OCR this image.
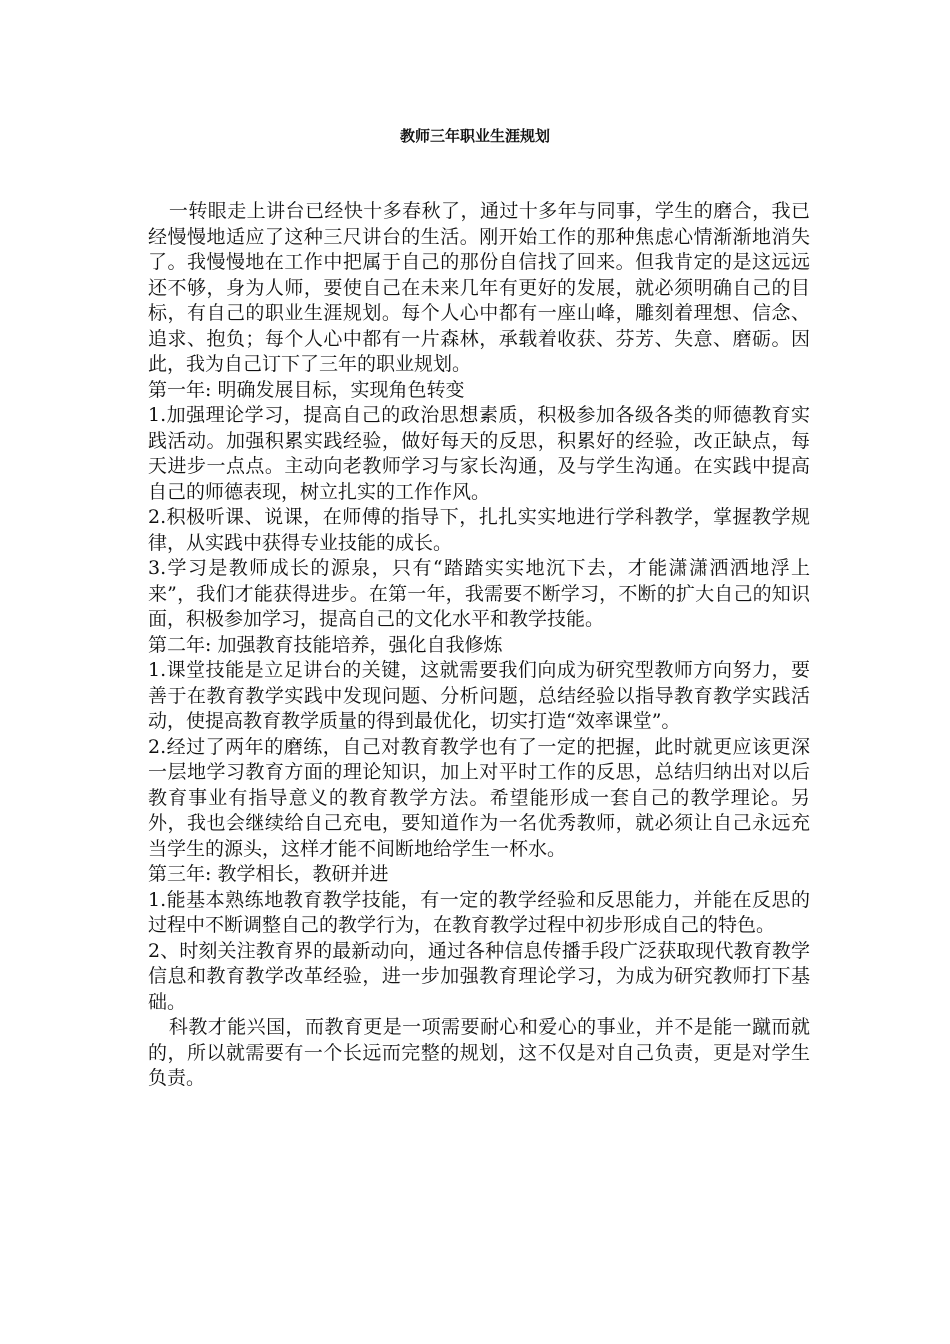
教师三年职业生涯规划

一转眼走上讲台已经快十多春秋了，通过十多年与同事，学生的磨合，我已经慢慢地适应了这种三尺讲台的生活。刚开始工作的那种焦虑心情渐渐地消失了。我慢慢地在工作中把属于自己的那份自信找了回来。但我肯定的是这远远还不够，身为人师，要使自己在未来几年有更好的发展，就必须明确自己的目标，有自己的职业生涯规划。每个人心中都有一座山峰，雕刻着理想、信念、追求、抱负；每个人心中都有一片森林，承载着收获、芬芳、失意、磨砺。因此，我为自己订下了三年的职业规划。

第一年: 明确发展目标，实现角色转变

1.加强理论学习，提高自己的政治思想素质，积极参加各级各类的师德教育实践活动。加强积累实践经验，做好每天的反思，积累好的经验，改正缺点，每天进步一点点。主动向老教师学习与家长沟通，及与学生沟通。在实践中提高自己的师德表现，树立扎实的工作作风。

2.积极听课、说课，在师傅的指导下，扎扎实实地进行学科教学，掌握教学规律，从实践中获得专业技能的成长。

3.学习是教师成长的源泉，只有“踏踏实实地沉下去，才能潇潇洒洒地浮上来”，我们才能获得进步。在第一年，我需要不断学习，不断的扩大自己的知识面，积极参加学习，提高自己的文化水平和教学技能。

第二年: 加强教育技能培养，强化自我修炼

1.课堂技能是立足讲台的关键，这就需要我们向成为研究型教师方向努力，要善于在教育教学实践中发现问题、分析问题，总结经验以指导教育教学实践活动，使提高教育教学质量的得到最优化，切实打造“效率课堂”。

2.经过了两年的磨练，自己对教育教学也有了一定的把握，此时就更应该更深一层地学习教育方面的理论知识，加上对平时工作的反思，总结归纳出对以后教育事业有指导意义的教育教学方法。希望能形成一套自己的教学理论。另外，我也会继续给自己充电，要知道作为一名优秀教师，就必须让自己永远充当学生的源头，这样才能不间断地给学生一杯水。

第三年: 教学相长，教研并进

1.能基本熟练地教育教学技能，有一定的教学经验和反思能力，并能在反思的过程中不断调整自己的教学行为，在教育教学过程中初步形成自己的特色。

2、时刻关注教育界的最新动向，通过各种信息传播手段广泛获取现代教育教学信息和教育教学改革经验，进一步加强教育理论学习，为成为研究教师打下基础。

科教才能兴国，而教育更是一项需要耐心和爱心的事业，并不是能一蹴而就的，所以就需要有一个长远而完整的规划，这不仅是对自己负责，更是对学生负责。
